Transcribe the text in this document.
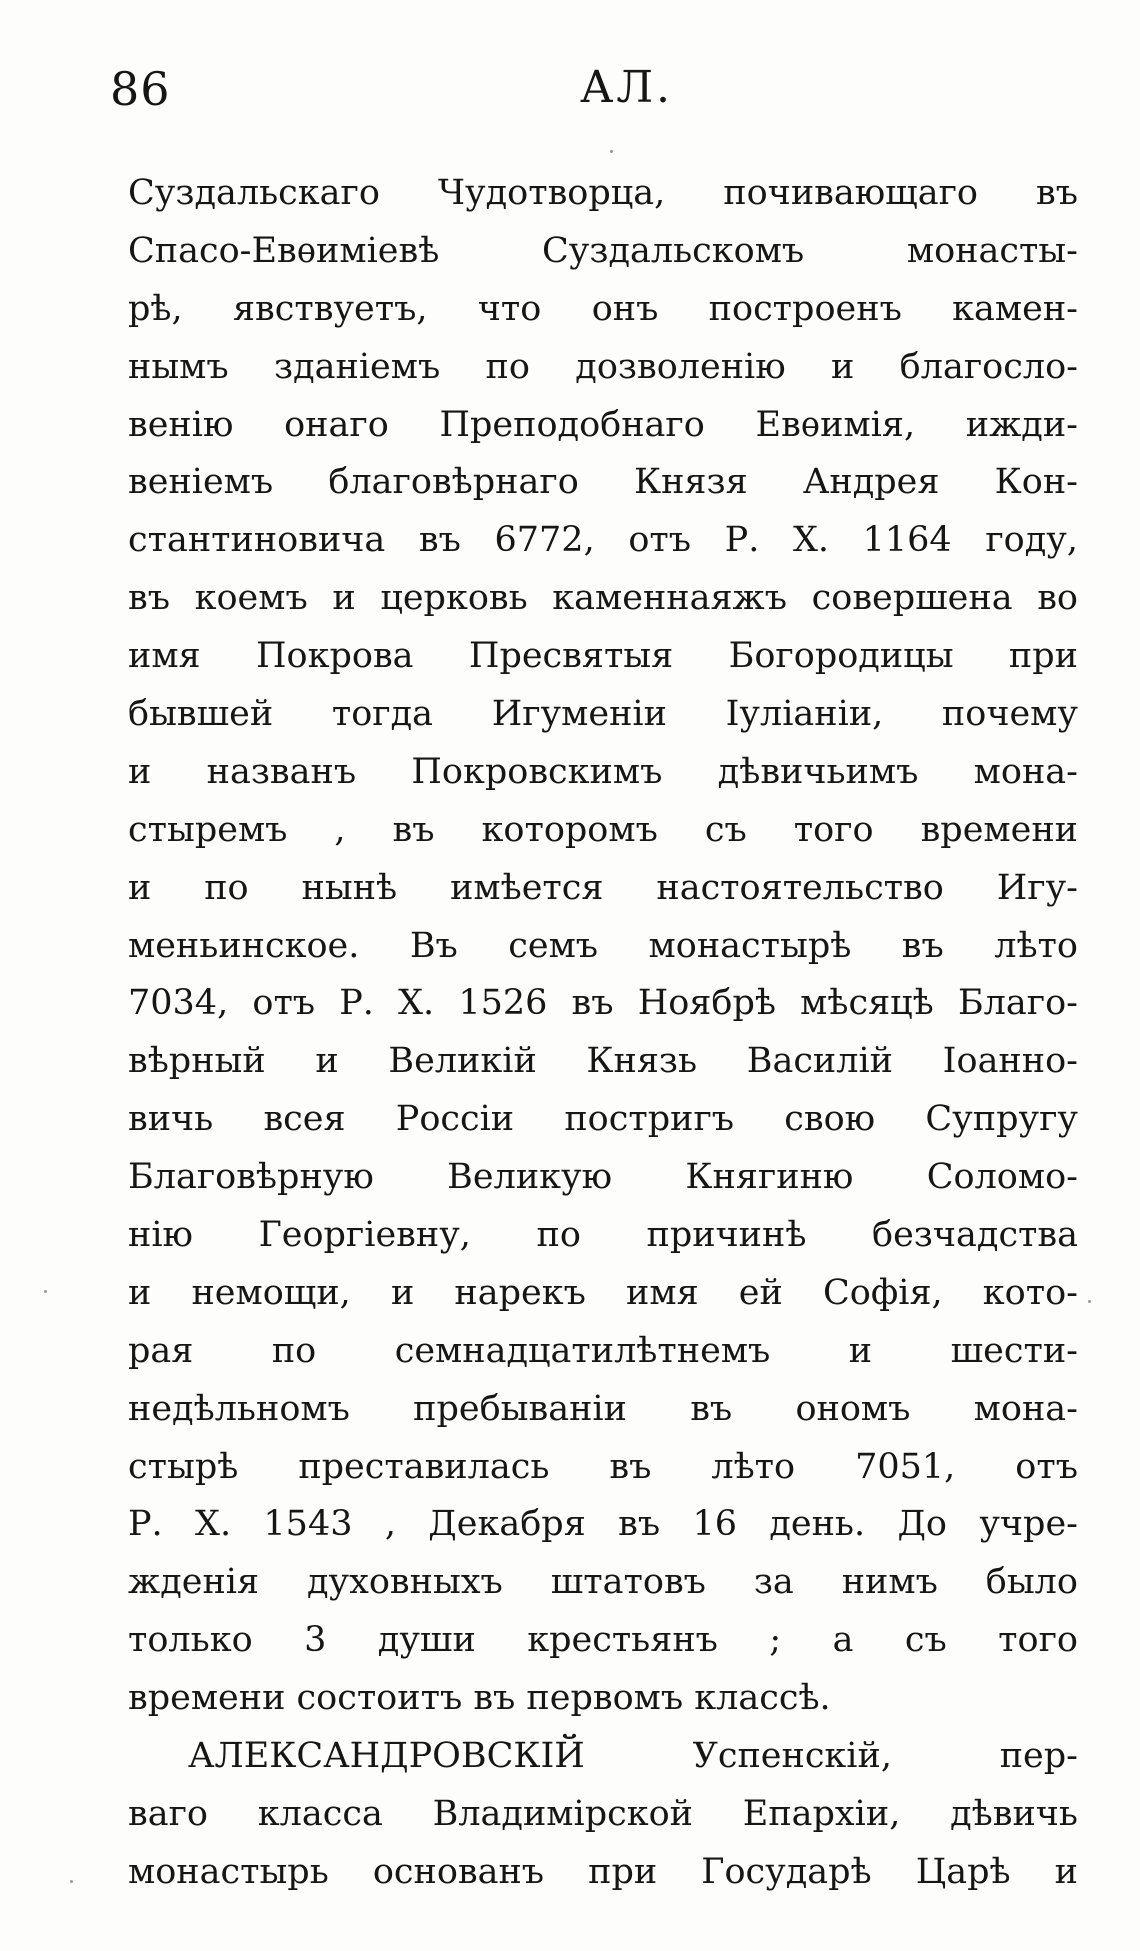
86	АЛ.
Суздальскаго Чудотворца, почивающаго въ
Спасо-Евѳимiевѣ Суздальскомъ монасты-
рѣ, явствуетъ, что онъ построенъ камен-
нымъ зданiемъ по дозволенiю и благосло-
венiю онаго Преподобнаго Евѳимiя, ижди-
венiемъ благовѣрнаго Князя Андрея Кон-
стантиновича въ 6772, отъ Р. Х. 1164 году,
въ коемъ и церковь каменнаяжъ совершена во
имя Покрова Пресвятыя Богородицы при
бывшей тогда Игуменiи Iулiанiи, почему
и названъ Покровскимъ дѣвичьимъ мона-
стыремъ , въ которомъ съ того времени
и по нынѣ имѣется настоятельство Игу-
меньинское. Въ семъ монастырѣ въ лѣто
7034, отъ Р. Х. 1526 въ Ноябрѣ мѣсяцѣ Благо-
вѣрный и Великiй Князь Василiй Iоанно-
вичь всея Россiи постригъ свою Супругу
Благовѣрную Великую Княгиню Соломо-
нiю Георгiевну, по причинѣ безчадства
и немощи, и нарекъ имя ей Софiя, кото-
рая по семнадцатилѣтнемъ и шести-
недѣльномъ пребыванiи въ ономъ мона-
стырѣ преставилась въ лѣто 7051, отъ
Р. Х. 1543 , Декабря въ 16 день. До учре-
жденiя духовныхъ штатовъ за нимъ было
только 3 души крестьянъ ; а съ того
времени состоитъ въ первомъ классѣ.
АЛЕКСАНДРОВСКIЙ Успенскiй, пер-
ваго класса Владимiрской Епархiи, дѣвичь
монастырь основанъ при Государѣ Царѣ и
